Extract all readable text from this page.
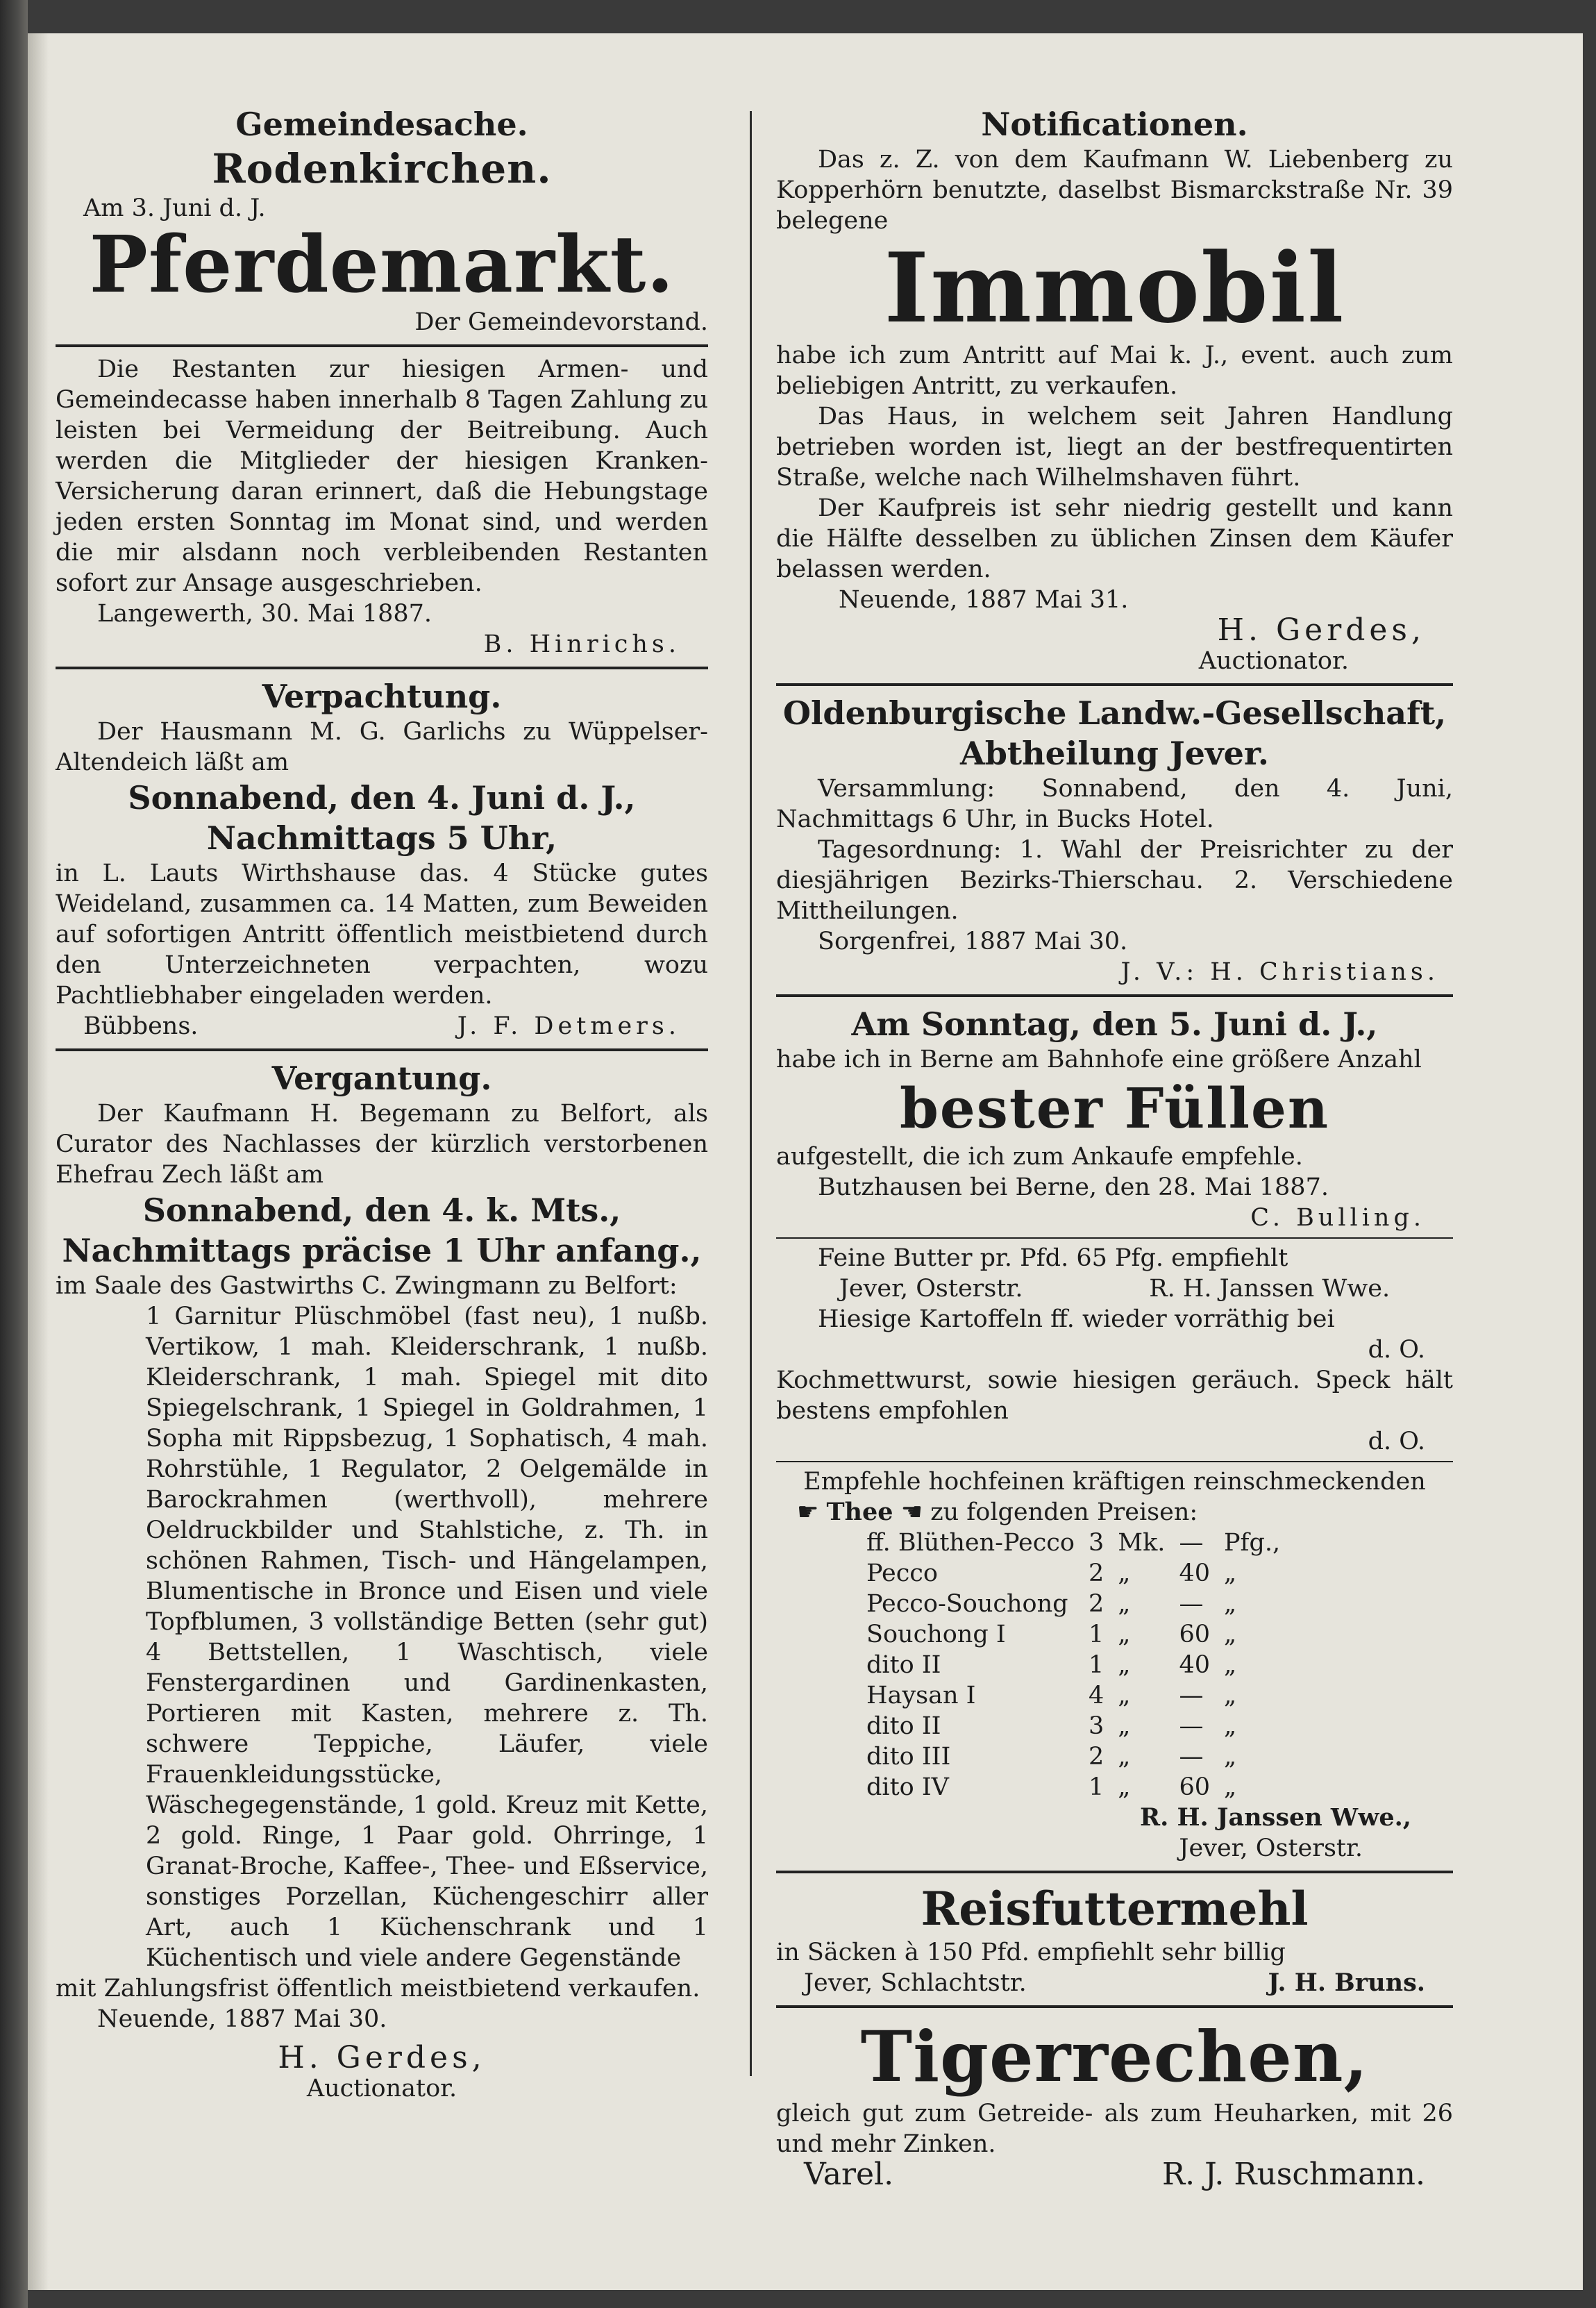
Gemeindesache.

Rodenkirchen.

Am 3. Juni d. J.

Pferdemarkt.

Der Gemeindevorstand.

Die Restanten zur hiesigen Armen- und Gemeindecasse haben innerhalb 8 Tagen Zahlung zu leisten bei Vermeidung der Beitreibung. Auch werden die Mitglieder der hiesigen Kranken-Versicherung daran erinnert, daß die Hebungstage jeden ersten Sonntag im Monat sind, und werden die mir alsdann noch verbleibenden Restanten sofort zur Ansage ausgeschrieben.

Langewerth, 30. Mai 1887.

B. Hinrichs.

Verpachtung.

Der Hausmann M. G. Garlichs zu Wüppelser-Altendeich läßt am

Sonnabend, den 4. Juni d. J.,

Nachmittags 5 Uhr,

in L. Lauts Wirthshause das. 4 Stücke gutes Weideland, zusammen ca. 14 Matten, zum Beweiden auf sofortigen Antritt öffentlich meistbietend durch den Unterzeichneten verpachten, wozu Pachtliebhaber eingeladen werden.

Bübbens.	J. F. Detmers.

Vergantung.

Der Kaufmann H. Begemann zu Belfort, als Curator des Nachlasses der kürzlich verstorbenen Ehefrau Zech läßt am

Sonnabend, den 4. k. Mts.,

Nachmittags präcise 1 Uhr anfang.,

im Saale des Gastwirths C. Zwingmann zu Belfort:

1 Garnitur Plüschmöbel (fast neu), 1 nußb. Vertikow, 1 mah. Kleiderschrank, 1 nußb. Kleiderschrank, 1 mah. Spiegel mit dito Spiegelschrank, 1 Spiegel in Goldrahmen, 1 Sopha mit Rippsbezug, 1 Sophatisch, 4 mah. Rohrstühle, 1 Regulator, 2 Oelgemälde in Barockrahmen (werthvoll), mehrere Oeldruckbilder und Stahlstiche, z. Th. in schönen Rahmen, Tisch- und Hängelampen, Blumentische in Bronce und Eisen und viele Topfblumen, 3 vollständige Betten (sehr gut) 4 Bettstellen, 1 Waschtisch, viele Fenstergardinen und Gardinenkasten, Portieren mit Kasten, mehrere z. Th. schwere Teppiche, Läufer, viele Frauenkleidungsstücke, Wäschegegenstände, 1 gold. Kreuz mit Kette, 2 gold. Ringe, 1 Paar gold. Ohrringe, 1 Granat-Broche, Kaffee-, Thee- und Eßservice, sonstiges Porzellan, Küchengeschirr aller Art, auch 1 Küchenschrank und 1 Küchentisch und viele andere Gegenstände

mit Zahlungsfrist öffentlich meistbietend verkaufen.

Neuende, 1887 Mai 30.

H. Gerdes,

Auctionator.

Notificationen.

Das z. Z. von dem Kaufmann W. Liebenberg zu Kopperhörn benutzte, daselbst Bismarckstraße Nr. 39 belegene

Immobil

habe ich zum Antritt auf Mai k. J., event. auch zum beliebigen Antritt, zu verkaufen.

Das Haus, in welchem seit Jahren Handlung betrieben worden ist, liegt an der bestfrequentirten Straße, welche nach Wilhelmshaven führt.

Der Kaufpreis ist sehr niedrig gestellt und kann die Hälfte desselben zu üblichen Zinsen dem Käufer belassen werden.

Neuende, 1887 Mai 31.

H. Gerdes,

Auctionator.

Oldenburgische Landw.-Gesellschaft,

Abtheilung Jever.

Versammlung: Sonnabend, den 4. Juni, Nachmittags 6 Uhr, in Bucks Hotel.

Tagesordnung: 1. Wahl der Preisrichter zu der diesjährigen Bezirks-Thierschau. 2. Verschiedene Mittheilungen.

Sorgenfrei, 1887 Mai 30.

J. V.: H. Christians.

Am Sonntag, den 5. Juni d. J.,

habe ich in Berne am Bahnhofe eine größere Anzahl

bester Füllen

aufgestellt, die ich zum Ankaufe empfehle.

Butzhausen bei Berne, den 28. Mai 1887.

C. Bulling.

Feine Butter pr. Pfd. 65 Pfg. empfiehlt

Jever, Osterstr.	R. H. Janssen Wwe.

Hiesige Kartoffeln ff. wieder vorräthig bei

d. O.

Kochmettwurst, sowie hiesigen geräuch. Speck hält bestens empfohlen

d. O.

Empfehle hochfeinen kräftigen reinschmeckenden

☛ Thee ☚ zu folgenden Preisen:

ff. Blüthen-Pecco	3	Mk.	—	Pfg.,
Pecco	2	„	40	„
Pecco-Souchong	2	„	—	„
Souchong I	1	„	60	„
dito II	1	„	40	„
Haysan I	4	„	—	„
dito II	3	„	—	„
dito III	2	„	—	„
dito IV	1	„	60	„

R. H. Janssen Wwe.,

Jever, Osterstr.

Reisfuttermehl

in Säcken à 150 Pfd. empfiehlt sehr billig

Jever, Schlachtstr.	J. H. Bruns.

Tigerrechen,

gleich gut zum Getreide- als zum Heuharken, mit 26 und mehr Zinken.

Varel.	R. J. Ruschmann.
